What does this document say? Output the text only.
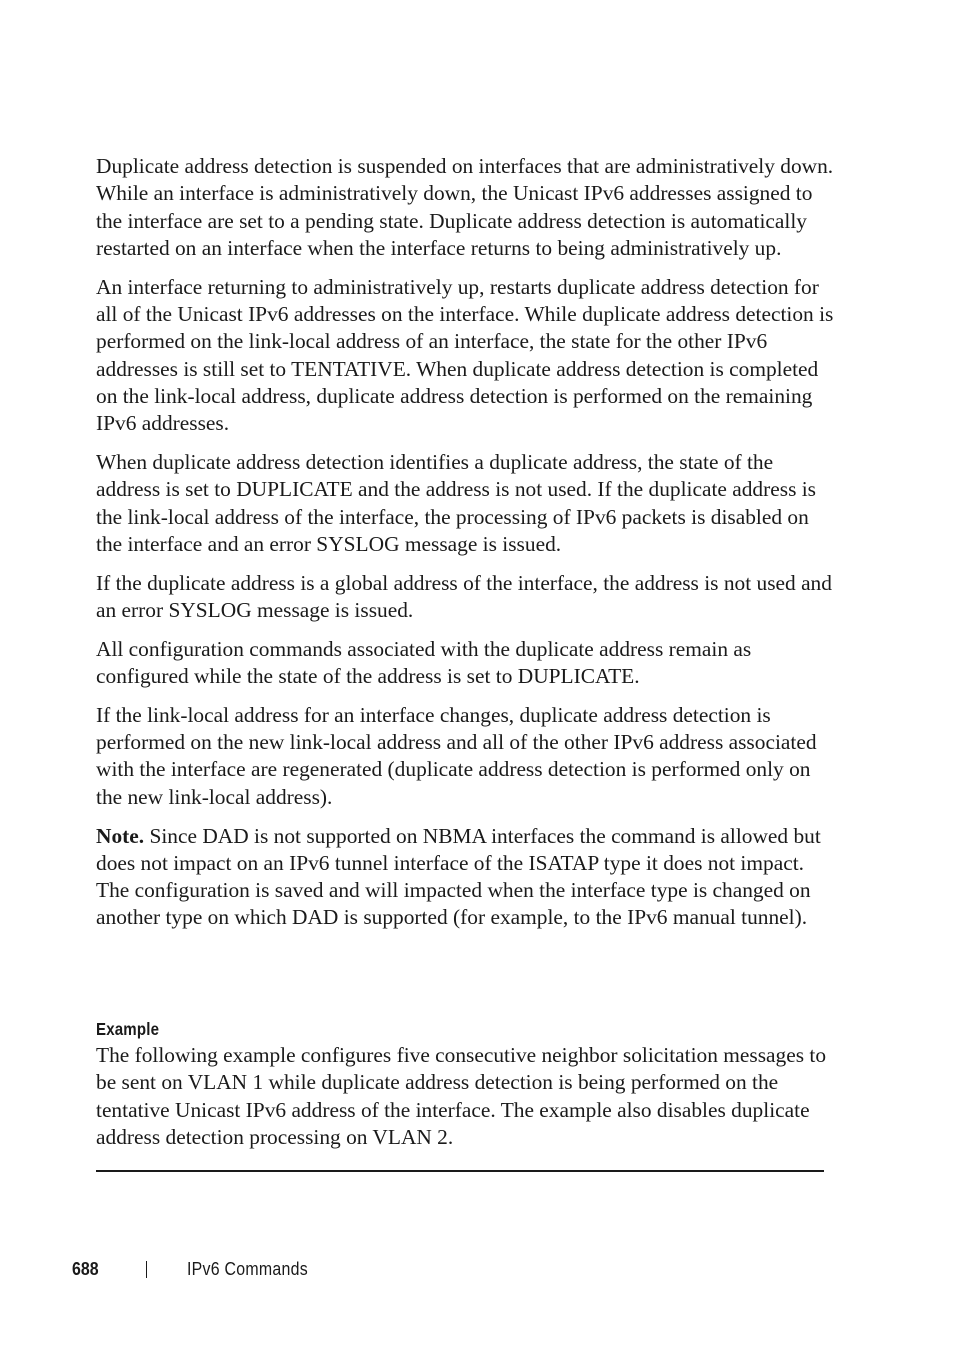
Duplicate address detection is suspended on interfaces that are administratively down. While an interface is administratively down, the Unicast IPv6 addresses assigned to the interface are set to a pending state. Duplicate address detection is automatically restarted on an interface when the interface returns to being administratively up.

An interface returning to administratively up, restarts duplicate address detection for all of the Unicast IPv6 addresses on the interface. While duplicate address detection is performed on the link-local address of an interface, the state for the other IPv6 addresses is still set to TENTATIVE. When duplicate address detection is completed on the link-local address, duplicate address detection is performed on the remaining IPv6 addresses.

When duplicate address detection identifies a duplicate address, the state of the address is set to DUPLICATE and the address is not used. If the duplicate address is the link-local address of the interface, the processing of IPv6 packets is disabled on the interface and an error SYSLOG message is issued.

If the duplicate address is a global address of the interface, the address is not used and an error SYSLOG message is issued.

All configuration commands associated with the duplicate address remain as configured while the state of the address is set to DUPLICATE.

If the link-local address for an interface changes, duplicate address detection is performed on the new link-local address and all of the other IPv6 address associated with the interface are regenerated (duplicate address detection is performed only on the new link-local address).

Note. Since DAD is not supported on NBMA interfaces the command is allowed but does not impact on an IPv6 tunnel interface of the ISATAP type it does not impact. The configuration is saved and will impacted when the interface type is changed on another type on which DAD is supported (for example, to the IPv6 manual tunnel).

Example

The following example configures five consecutive neighbor solicitation messages to be sent on VLAN 1 while duplicate address detection is being performed on the tentative Unicast IPv6 address of the interface. The example also disables duplicate address detection processing on VLAN 2.

688	IPv6 Commands
